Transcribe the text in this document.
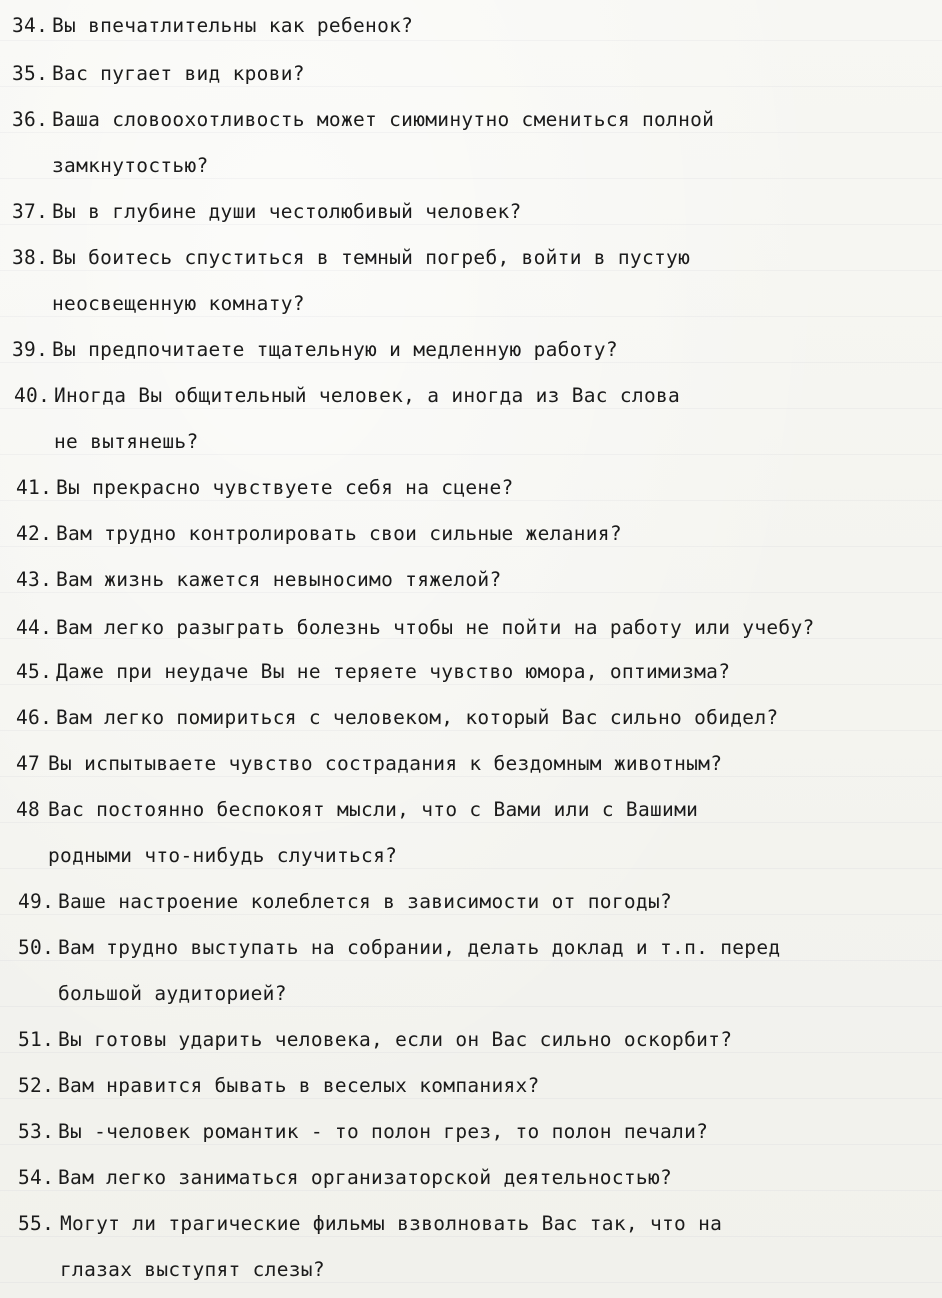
34. Вы впечатлительны как ребенок?
35. Вас пугает вид крови?
36. Ваша словоохотливость может сиюминутно смениться полной
замкнутостью?
37. Вы в глубине души честолюбивый человек?
38. Вы боитесь спуститься в темный погреб, войти в пустую
неосвещенную комнату?
39. Вы предпочитаете тщательную и медленную работу?
40. Иногда Вы общительный человек, а иногда из Вас слова
не вытянешь?
41. Вы прекрасно чувствуете себя на сцене?
42. Вам трудно контролировать свои сильные желания?
43. Вам жизнь кажется невыносимо тяжелой?
44. Вам легко разыграть болезнь чтобы не пойти на работу или учебу?
45. Даже при неудаче Вы не теряете чувство юмора, оптимизма?
46. Вам легко помириться с человеком, который Вас сильно обидел?
47 Вы испытываете чувство сострадания к бездомным животным?
48 Вас постоянно беспокоят мысли, что с Вами или с Вашими
родными что-нибудь случиться?
49. Ваше настроение колеблется в зависимости от погоды?
50. Вам трудно выступать на собрании, делать доклад и т.п. перед
большой аудиторией?
51. Вы готовы ударить человека, если он Вас сильно оскорбит?
52. Вам нравится бывать в веселых компаниях?
53. Вы -человек романтик - то полон грез, то полон печали?
54. Вам легко заниматься организаторской деятельностью?
55. Могут ли трагические фильмы взволновать Вас так, что на
глазах выступят слезы?
